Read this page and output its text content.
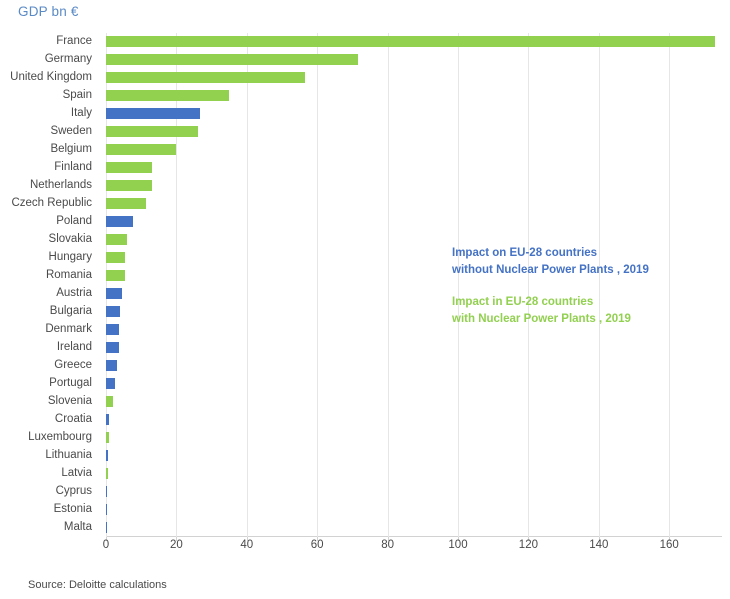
GDP bn €
France
Germany
United Kingdom
Spain
Italy
Sweden
Belgium
Finland
Netherlands
Czech Republic
Poland
Slovakia
Hungary
Romania
Austria
Bulgaria
Denmark
Ireland
Greece
Portugal
Slovenia
Croatia
Luxembourg
Lithuania
Latvia
Cyprus
Estonia
Malta
0	20	40	60	80	100	120	140	160
Impact on EU-28 countries
without Nuclear Power Plants , 2019
Impact in EU-28 countries
with Nuclear Power Plants , 2019
Source: Deloitte calculations
